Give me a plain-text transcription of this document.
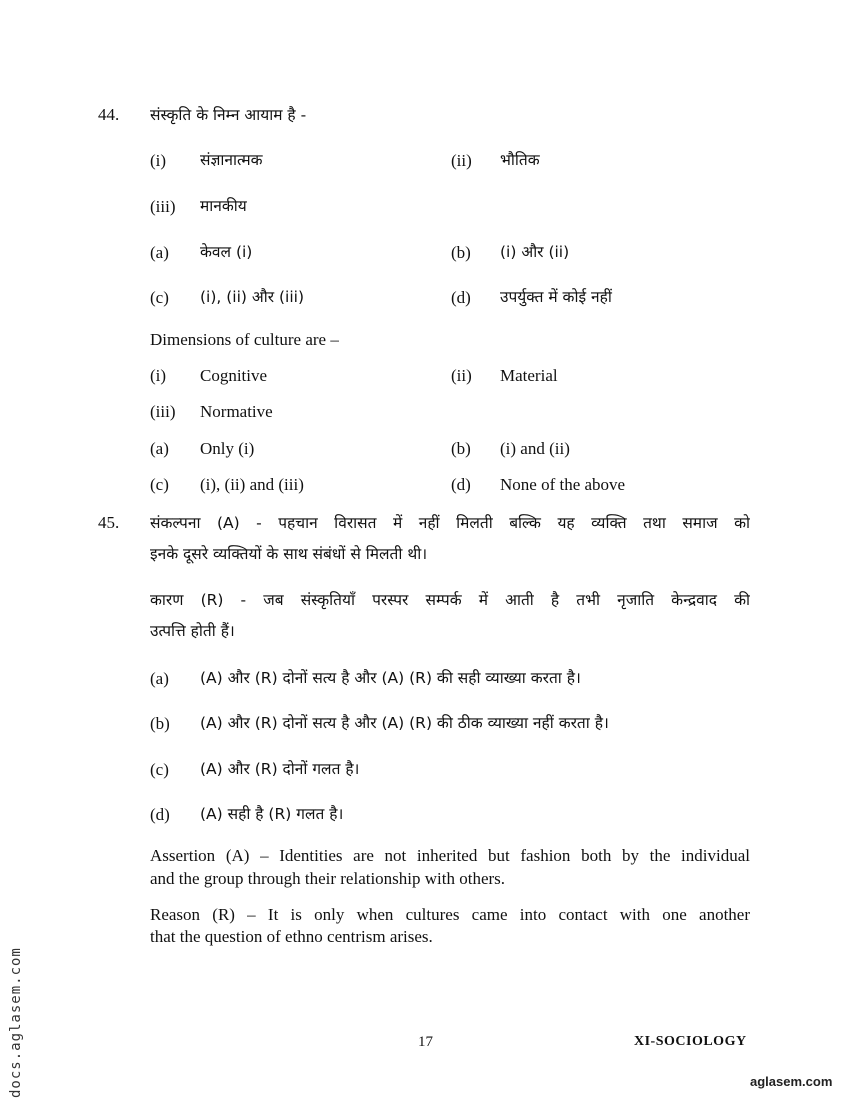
44. संस्कृति के निम्न आयाम है -
(i) संज्ञानात्मक	(ii) भौतिक
(iii) मानकीय
(a) केवल (i)	(b) (i) और (ii)
(c) (i), (ii) और (iii)	(d) उपर्युक्त में कोई नहीं
Dimensions of culture are –
(i) Cognitive	(ii) Material
(iii) Normative
(a) Only (i)	(b) (i) and (ii)
(c) (i), (ii) and (iii)	(d) None of the above
45. संकल्पना (A) - पहचान विरासत में नहीं मिलती बल्कि यह व्यक्ति तथा समाज को
इनके दूसरे व्यक्तियों के साथ संबंधों से मिलती थी।
कारण (R) - जब संस्कृतियाँ परस्पर सम्पर्क में आती है तभी नृजाति केन्द्रवाद की
उत्पत्ति होती हैं।
(a) (A) और (R) दोनों सत्य है और (A) (R) की सही व्याख्या करता है।
(b) (A) और (R) दोनों सत्य है और (A) (R) की ठीक व्याख्या नहीं करता है।
(c) (A) और (R) दोनों गलत है।
(d) (A) सही है (R) गलत है।
Assertion (A) – Identities are not inherited but fashion both by the individual
and the group through their relationship with others.
Reason (R) – It is only when cultures came into contact with one another
that the question of ethno centrism arises.
17	XI-SOCIOLOGY
docs.aglasem.com	aglasem.com
